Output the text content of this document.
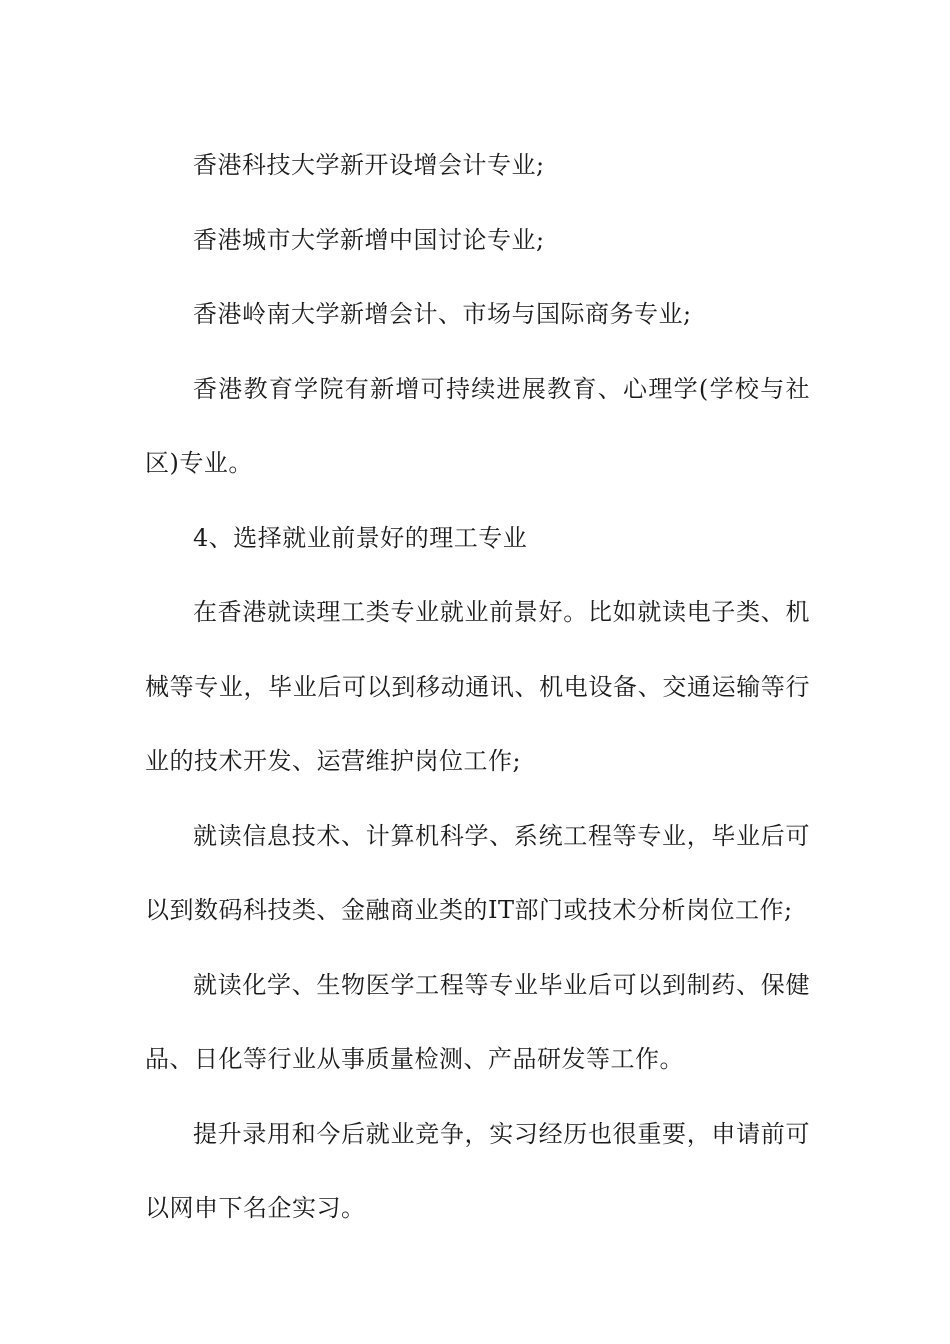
香港科技大学新开设增会计专业;

香港城市大学新增中国讨论专业;

香港岭南大学新增会计、市场与国际商务专业;

香港教育学院有新增可持续进展教育、心理学(学校与社区)专业。

4、选择就业前景好的理工专业

在香港就读理工类专业就业前景好。比如就读电子类、机械等专业，毕业后可以到移动通讯、机电设备、交通运输等行业的技术开发、运营维护岗位工作;

就读信息技术、计算机科学、系统工程等专业，毕业后可以到数码科技类、金融商业类的IT部门或技术分析岗位工作;

就读化学、生物医学工程等专业毕业后可以到制药、保健品、日化等行业从事质量检测、产品研发等工作。

提升录用和今后就业竞争，实习经历也很重要，申请前可以网申下名企实习。
